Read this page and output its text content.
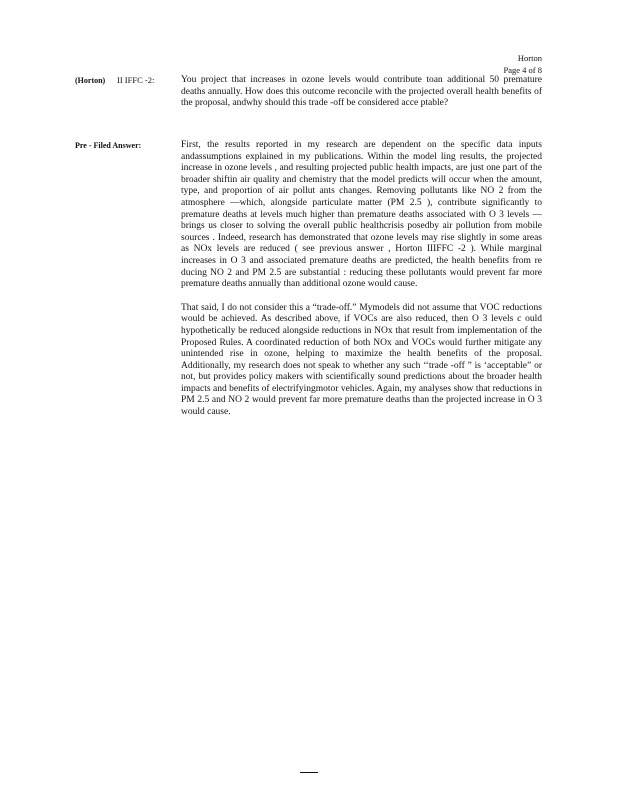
Horton
Page 4 of 8
(Horton) II IFFC -2:	You project that increases in ozone levels would contribute toan additional 50 premature deaths annually. How does this outcome reconcile with the projected overall health benefits of the proposal, andwhy should this trade -off be considered acce ptable?
Pre - Filed Answer:	First, the results reported in my research are dependent on the specific data inputs andassumptions explained in my publications. Within the model ling results, the projected increase in ozone levels , and resulting projected public health impacts, are just one part of the broader shiftin air quality and chemistry that the model predicts will occur when the amount, type, and proportion of air pollut ants changes. Removing pollutants like NO 2 from the atmosphere —which, alongside particulate matter (PM 2.5 ), contribute significantly to premature deaths at levels much higher than premature deaths associated with O 3 levels —brings us closer to solving the overall public healthcrisis posedby air pollution from mobile sources . Indeed, research has demonstrated that ozone levels may rise slightly in some areas as NOx levels are reduced ( see previous answer , Horton IIIFFC -2 ). While marginal increases in O 3 and associated premature deaths are predicted, the health benefits from re ducing NO 2 and PM 2.5 are substantial : reducing these pollutants would prevent far more premature deaths annually than additional ozone would cause.

That said, I do not consider this a “trade-off.” Mymodels did not assume that VOC reductions would be achieved. As described above, if VOCs are also reduced, then O 3 levels c ould hypothetically be reduced alongside reductions in NOx that result from implementation of the Proposed Rules. A coordinated reduction of both NOx and VOCs would further mitigate any unintended rise in ozone, helping to maximize the health benefits of the proposal. Additionally, my research does not speak to whether any such ‘‘trade -off ” is ‘acceptable” or not, but provides policy makers with scientifically sound predictions about the broader health impacts and benefits of electrifyingmotor vehicles. Again, my analyses show that reductions in PM 2.5 and NO 2 would prevent far more premature deaths than the projected increase in O 3 would cause.
